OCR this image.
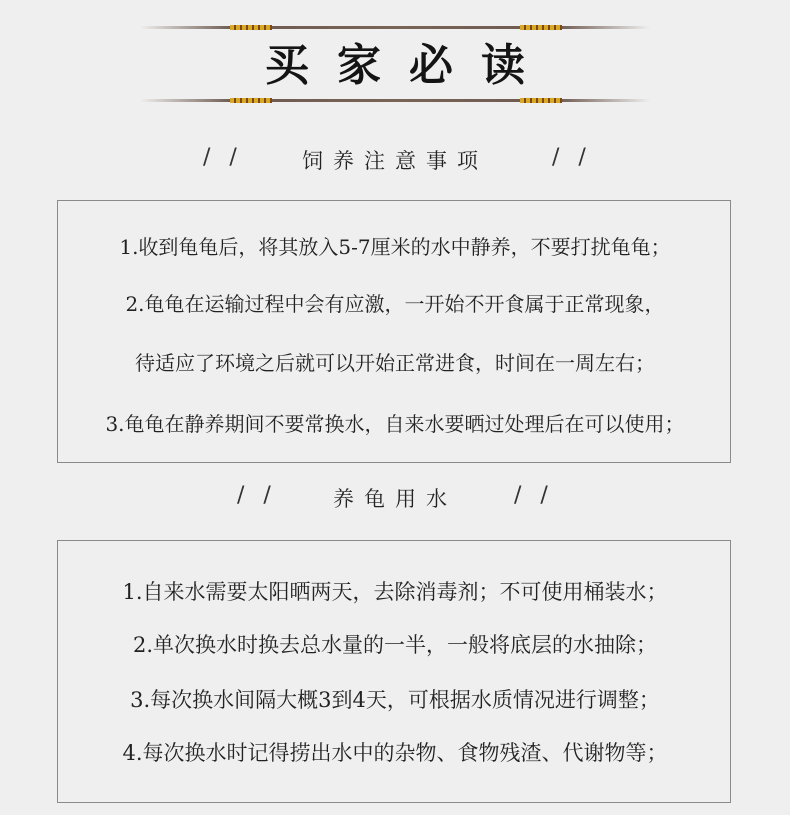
买家必读
/ /	饲养注意事项	/ /
1.收到龟龟后，将其放入5-7厘米的水中静养，不要打扰龟龟；
2.龟龟在运输过程中会有应激，一开始不开食属于正常现象，
待适应了环境之后就可以开始正常进食，时间在一周左右；
3.龟龟在静养期间不要常换水，自来水要晒过处理后在可以使用；
/ /	养龟用水	/ /
1.自来水需要太阳晒两天，去除消毒剂；不可使用桶装水；
2.单次换水时换去总水量的一半，一般将底层的水抽除；
3.每次换水间隔大概3到4天，可根据水质情况进行调整；
4.每次换水时记得捞出水中的杂物、食物残渣、代谢物等；
